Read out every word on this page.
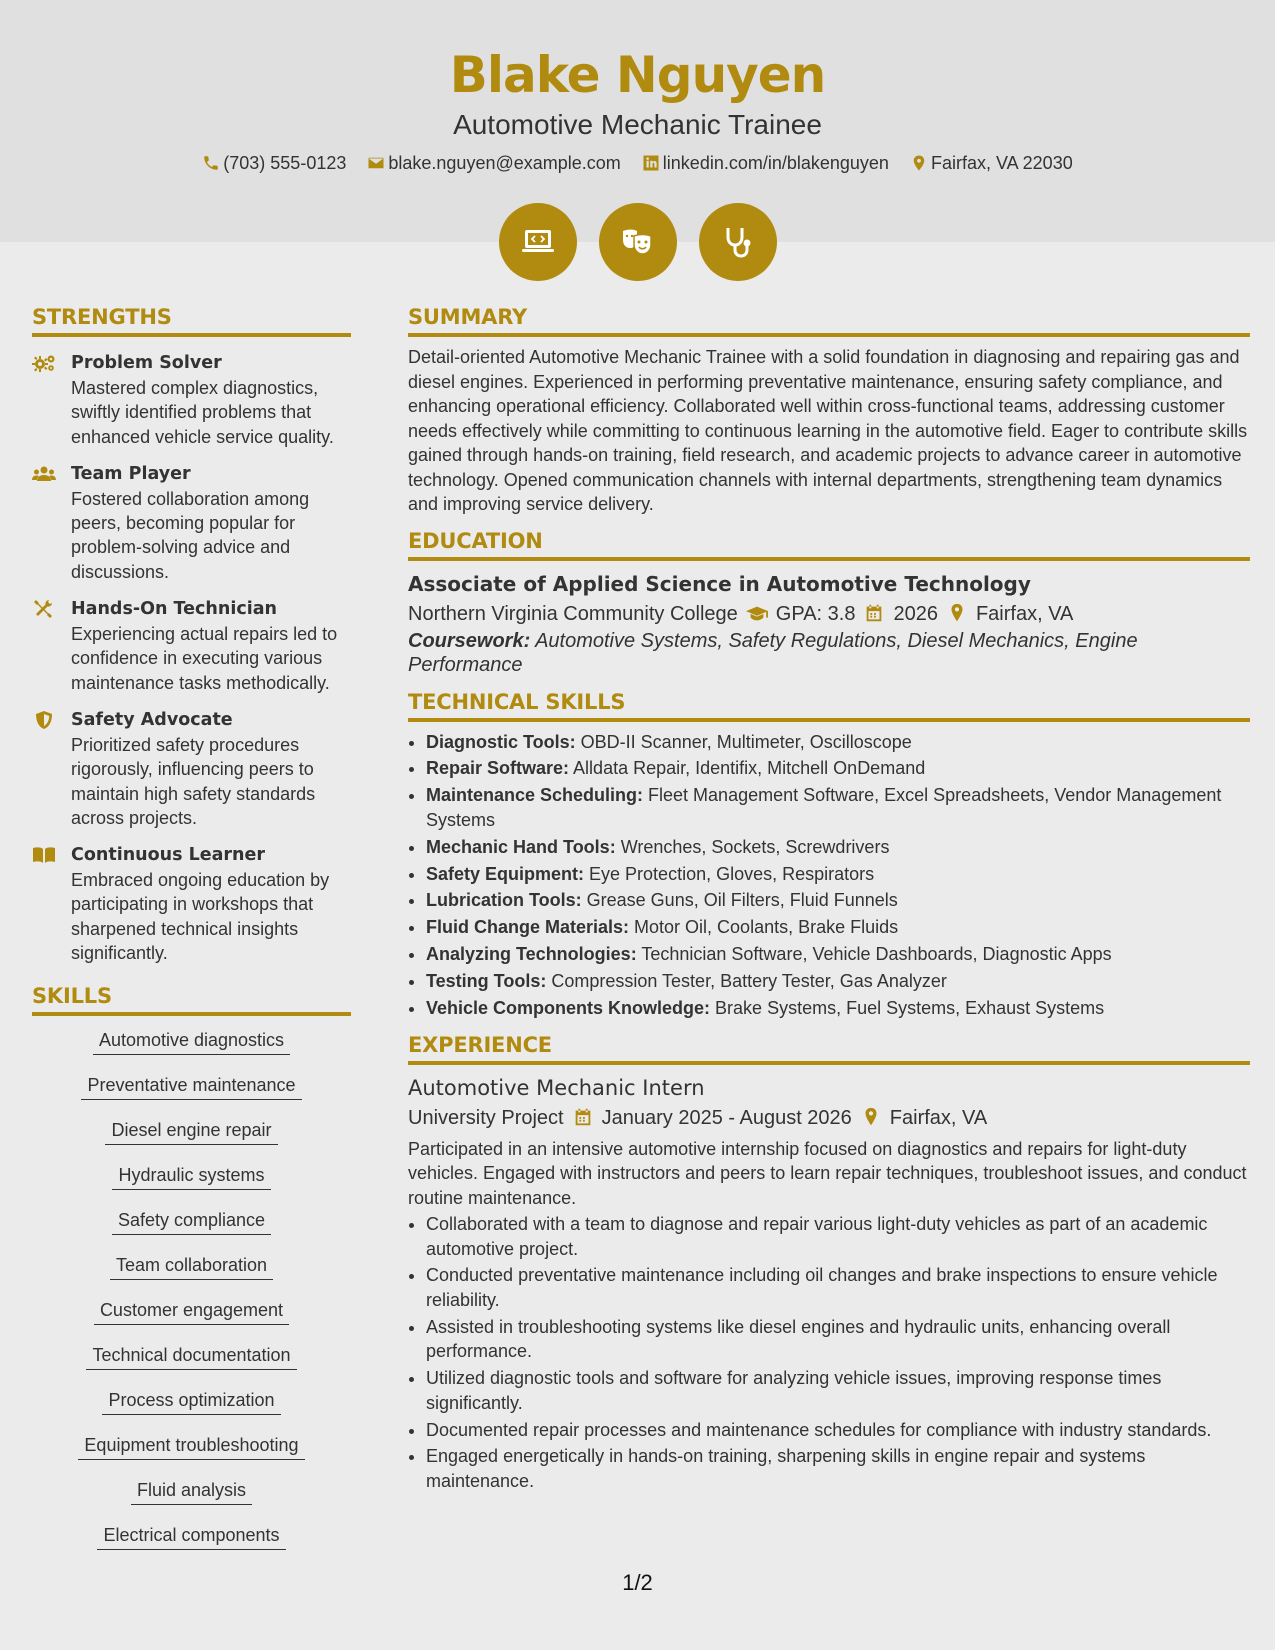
Blake Nguyen
Automotive Mechanic Trainee
(703) 555-0123 blake.nguyen@example.com linkedin.com/in/blakenguyen Fairfax, VA 22030

STRENGTHS
Problem Solver
Mastered complex diagnostics, swiftly identified problems that enhanced vehicle service quality.
Team Player
Fostered collaboration among peers, becoming popular for problem-solving advice and discussions.
Hands-On Technician
Experiencing actual repairs led to confidence in executing various maintenance tasks methodically.
Safety Advocate
Prioritized safety procedures rigorously, influencing peers to maintain high safety standards across projects.
Continuous Learner
Embraced ongoing education by participating in workshops that sharpened technical insights significantly.
SKILLS
Automotive diagnostics
Preventative maintenance
Diesel engine repair
Hydraulic systems
Safety compliance
Team collaboration
Customer engagement
Technical documentation
Process optimization
Equipment troubleshooting
Fluid analysis
Electrical components
SUMMARY

Detail-oriented Automotive Mechanic Trainee with a solid foundation in diagnosing and repairing gas and diesel engines. Experienced in performing preventative maintenance, ensuring safety compliance, and enhancing operational efficiency. Collaborated well within cross-functional teams, addressing customer needs effectively while committing to continuous learning in the automotive field. Eager to contribute skills gained through hands-on training, field research, and academic projects to advance career in automotive technology. Opened communication channels with internal departments, strengthening team dynamics and improving service delivery.

EDUCATION
Associate of Applied Science in Automotive Technology
Northern Virginia Community College GPA: 3.8 2026 Fairfax, VA
Coursework: Automotive Systems, Safety Regulations, Diesel Mechanics, Engine Performance
TECHNICAL SKILLS
• Diagnostic Tools: OBD-II Scanner, Multimeter, Oscilloscope
• Repair Software: Alldata Repair, Identifix, Mitchell OnDemand
• Maintenance Scheduling: Fleet Management Software, Excel Spreadsheets, Vendor Management Systems
• Mechanic Hand Tools: Wrenches, Sockets, Screwdrivers
• Safety Equipment: Eye Protection, Gloves, Respirators
• Lubrication Tools: Grease Guns, Oil Filters, Fluid Funnels
• Fluid Change Materials: Motor Oil, Coolants, Brake Fluids
• Analyzing Technologies: Technician Software, Vehicle Dashboards, Diagnostic Apps
• Testing Tools: Compression Tester, Battery Tester, Gas Analyzer
• Vehicle Components Knowledge: Brake Systems, Fuel Systems, Exhaust Systems
EXPERIENCE
Automotive Mechanic Intern
University Project January 2025 - August 2026 Fairfax, VA

Participated in an intensive automotive internship focused on diagnostics and repairs for light-duty vehicles. Engaged with instructors and peers to learn repair techniques, troubleshoot issues, and conduct routine maintenance.

• Collaborated with a team to diagnose and repair various light-duty vehicles as part of an academic automotive project.
• Conducted preventative maintenance including oil changes and brake inspections to ensure vehicle reliability.
• Assisted in troubleshooting systems like diesel engines and hydraulic units, enhancing overall performance.
• Utilized diagnostic tools and software for analyzing vehicle issues, improving response times significantly.
• Documented repair processes and maintenance schedules for compliance with industry standards.
• Engaged energetically in hands-on training, sharpening skills in engine repair and systems maintenance.
1/2
